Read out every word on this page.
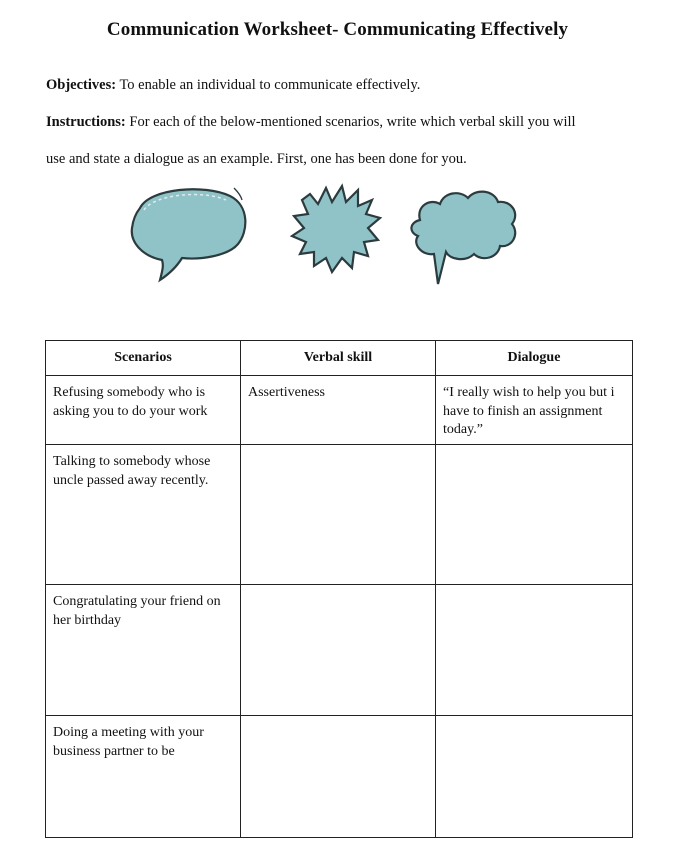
Communication Worksheet- Communicating Effectively
Objectives: To enable an individual to communicate effectively.
Instructions: For each of the below-mentioned scenarios, write which verbal skill you will
use and state a dialogue as an example. First, one has been done for you.
Scenarios	Verbal skill	Dialogue
Refusing somebody who is asking you to do your work	Assertiveness	“I really wish to help you but i have to finish an assignment today.”
Talking to somebody whose uncle passed away recently.		
Congratulating your friend on her birthday		
Doing a meeting with your business partner to be		
